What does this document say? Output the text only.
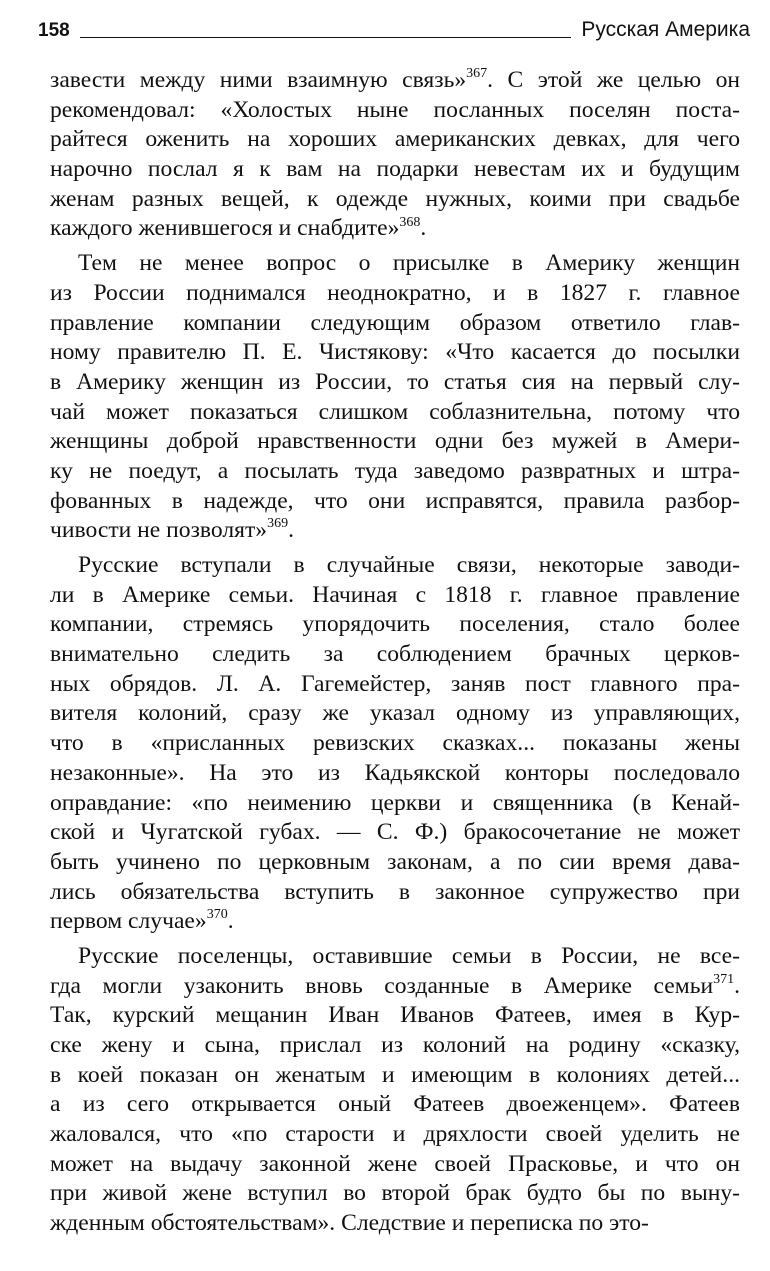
158	Русская Америка
завести между ними взаимную связь»$^{367}$. С этой же целью он
рекомендовал: «Холостых ныне посланных поселян поста-
райтеся оженить на хороших американских девках, для чего
нарочно послал я к вам на подарки невестам их и будущим
женам разных вещей, к одежде нужных, коими при свадьбе
каждого женившегося и снабдите»$^{368}$.
Тем не менее вопрос о присылке в Америку женщин
из России поднимался неоднократно, и в 1827 г. главное
правление компании следующим образом ответило глав-
ному правителю П. Е. Чистякову: «Что касается до посылки
в Америку женщин из России, то статья сия на первый слу-
чай может показаться слишком соблазнительна, потому что
женщины доброй нравственности одни без мужей в Амери-
ку не поедут, а посылать туда заведомо развратных и штра-
фованных в надежде, что они исправятся, правила разбор-
чивости не позволят»$^{369}$.
Русские вступали в случайные связи, некоторые заводи-
ли в Америке семьи. Начиная с 1818 г. главное правление
компании, стремясь упорядочить поселения, стало более
внимательно следить за соблюдением брачных церков-
ных обрядов. Л. А. Гагемейстер, заняв пост главного пра-
вителя колоний, сразу же указал одному из управляющих,
что в «присланных ревизских сказках... показаны жены
незаконные». На это из Кадьякской конторы последовало
оправдание: «по неимению церкви и священника (в Кенай-
ской и Чугатской губах. — С. Ф.) бракосочетание не может
быть учинено по церковным законам, а по сии время дава-
лись обязательства вступить в законное супружество при
первом случае»$^{370}$.
Русские поселенцы, оставившие семьи в России, не все-
гда могли узаконить вновь созданные в Америке семьи$^{371}$.
Так, курский мещанин Иван Иванов Фатеев, имея в Кур-
ске жену и сына, прислал из колоний на родину «сказку,
в коей показан он женатым и имеющим в колониях детей...
а из сего открывается оный Фатеев двоеженцем». Фатеев
жаловался, что «по старости и дряхлости своей уделить не
может на выдачу законной жене своей Прасковье, и что он
при живой жене вступил во второй брак будто бы по выну-
жденным обстоятельствам». Следствие и переписка по это-
